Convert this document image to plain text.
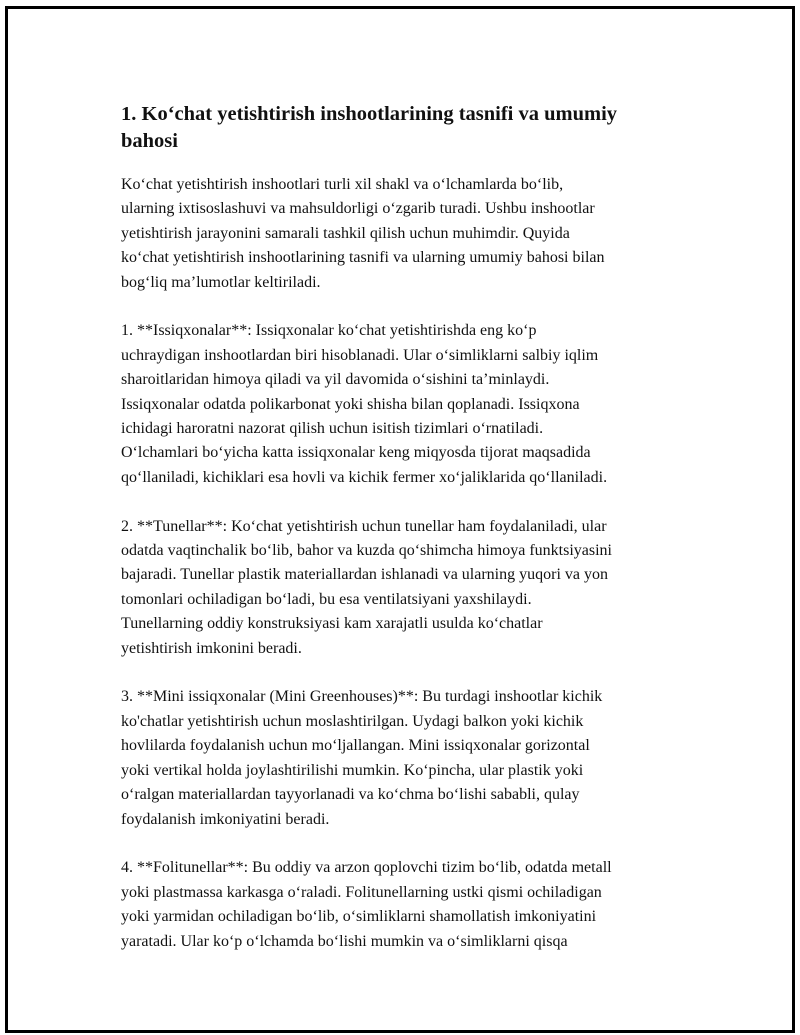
1. Ko‘chat yetishtirish inshootlarining tasnifi va umumiy
bahosi
Ko‘chat yetishtirish inshootlari turli xil shakl va o‘lchamlarda bo‘lib,
ularning ixtisoslashuvi va mahsuldorligi o‘zgarib turadi. Ushbu inshootlar
yetishtirish jarayonini samarali tashkil qilish uchun muhimdir. Quyida
ko‘chat yetishtirish inshootlarining tasnifi va ularning umumiy bahosi bilan
bog‘liq ma’lumotlar keltiriladi.
1. **Issiqxonalar**: Issiqxonalar ko‘chat yetishtirishda eng ko‘p
uchraydigan inshootlardan biri hisoblanadi. Ular o‘simliklarni salbiy iqlim
sharoitlaridan himoya qiladi va yil davomida o‘sishini ta’minlaydi.
Issiqxonalar odatda polikarbonat yoki shisha bilan qoplanadi. Issiqxona
ichidagi haroratni nazorat qilish uchun isitish tizimlari o‘rnatiladi.
O‘lchamlari bo‘yicha katta issiqxonalar keng miqyosda tijorat maqsadida
qo‘llaniladi, kichiklari esa hovli va kichik fermer xo‘jaliklarida qo‘llaniladi.
2. **Tunellar**: Ko‘chat yetishtirish uchun tunellar ham foydalaniladi, ular
odatda vaqtinchalik bo‘lib, bahor va kuzda qo‘shimcha himoya funktsiyasini
bajaradi. Tunellar plastik materiallardan ishlanadi va ularning yuqori va yon
tomonlari ochiladigan bo‘ladi, bu esa ventilatsiyani yaxshilaydi.
Tunellarning oddiy konstruksiyasi kam xarajatli usulda ko‘chatlar
yetishtirish imkonini beradi.
3. **Mini issiqxonalar (Mini Greenhouses)**: Bu turdagi inshootlar kichik
ko'chatlar yetishtirish uchun moslashtirilgan. Uydagi balkon yoki kichik
hovlilarda foydalanish uchun mo‘ljallangan. Mini issiqxonalar gorizontal
yoki vertikal holda joylashtirilishi mumkin. Ko‘pincha, ular plastik yoki
o‘ralgan materiallardan tayyorlanadi va ko‘chma bo‘lishi sababli, qulay
foydalanish imkoniyatini beradi.
4. **Folitunellar**: Bu oddiy va arzon qoplovchi tizim bo‘lib, odatda metall
yoki plastmassa karkasga o‘raladi. Folitunellarning ustki qismi ochiladigan
yoki yarmidan ochiladigan bo‘lib, o‘simliklarni shamollatish imkoniyatini
yaratadi. Ular ko‘p o‘lchamda bo‘lishi mumkin va o‘simliklarni qisqa
